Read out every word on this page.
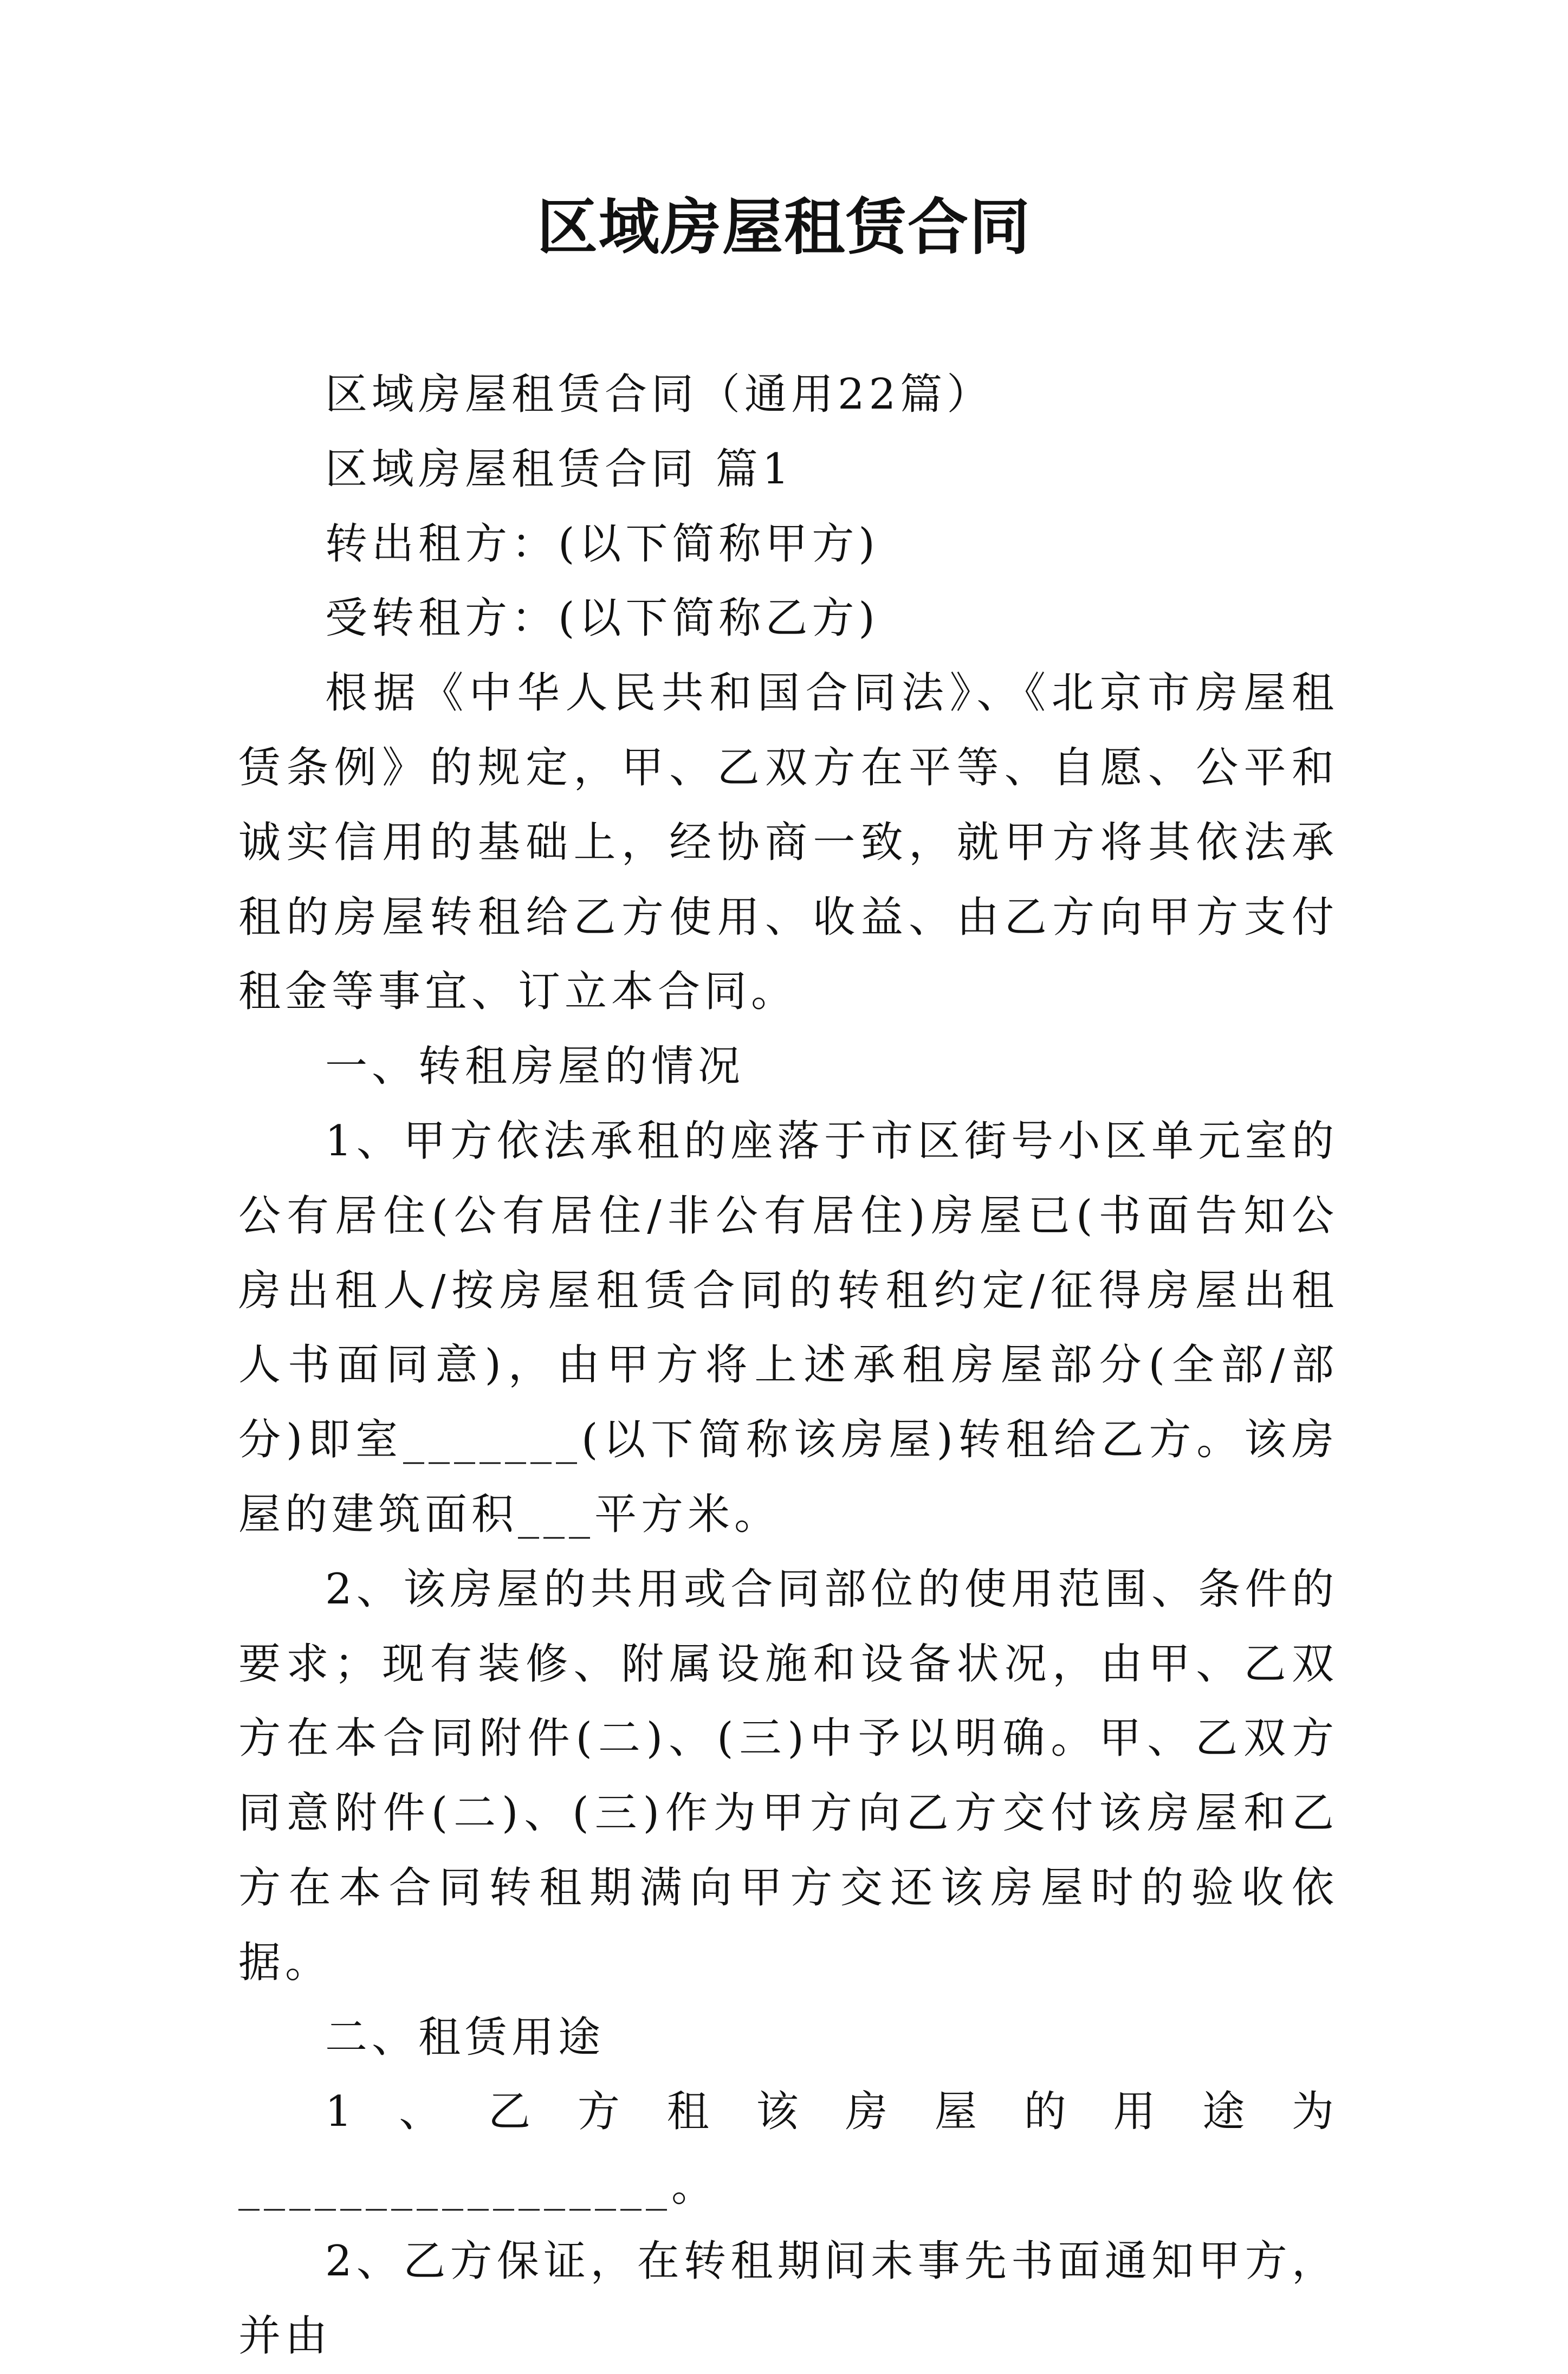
区域房屋租赁合同

区域房屋租赁合同（通用22篇）

区域房屋租赁合同 篇1

转出租方：(以下简称甲方)

受转租方：(以下简称乙方)

根据《中华人民共和国合同法》、《北京市房屋租赁条例》的规定，甲、乙双方在平等、自愿、公平和诚实信用的基础上，经协商一致，就甲方将其依法承租的房屋转租给乙方使用、收益、由乙方向甲方支付租金等事宜、订立本合同。

一、转租房屋的情况

1、甲方依法承租的座落于市区街号小区单元室的公有居住(公有居住/非公有居住)房屋已(书面告知公房出租人/按房屋租赁合同的转租约定/征得房屋出租人书面同意)，由甲方将上述承租房屋部分(全部/部分)即室_______(以下简称该房屋)转租给乙方。该房屋的建筑面积___平方米。

2、该房屋的共用或合同部位的使用范围、条件的要求；现有装修、附属设施和设备状况，由甲、乙双方在本合同附件(二)、(三)中予以明确。甲、乙双方同意附件(二)、(三)作为甲方向乙方交付该房屋和乙方在本合同转租期满向甲方交还该房屋时的验收依据。

二、租赁用途

1、乙方租该房屋的用途为_________________。

2、乙方保证，在转租期间未事先书面通知甲方，并由
